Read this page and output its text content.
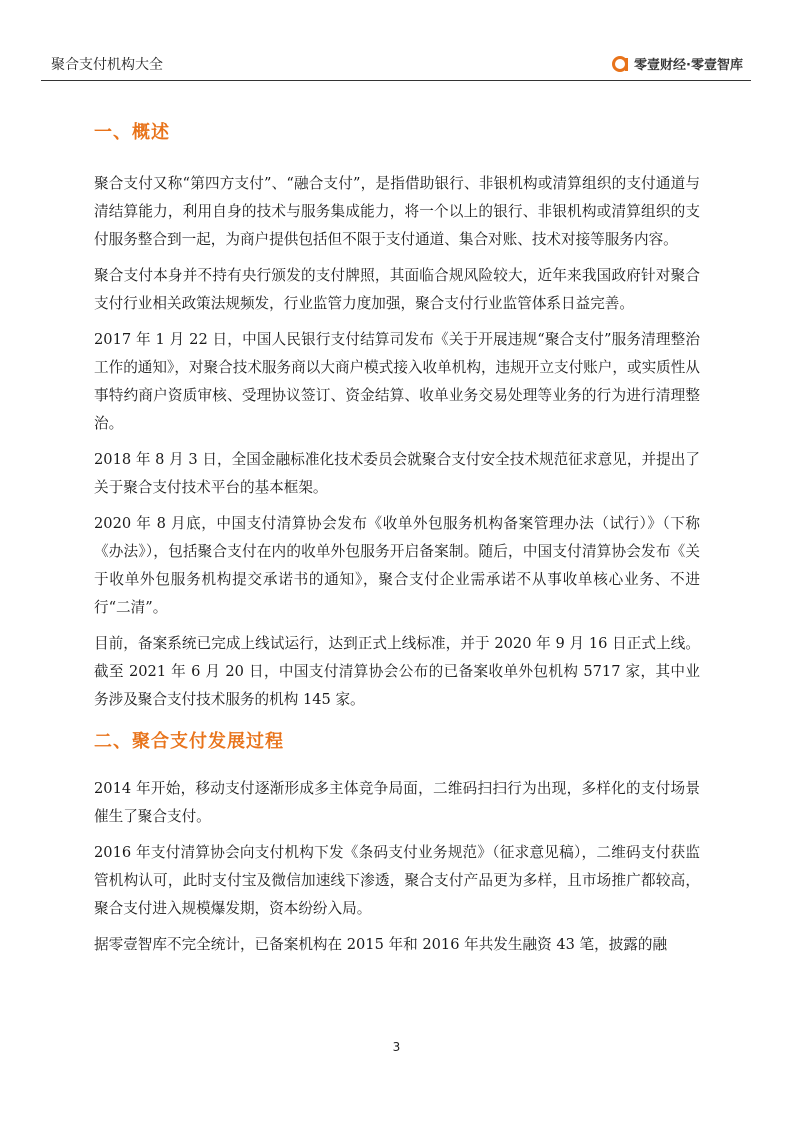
聚合支付机构大全	零壹财经·零壹智库
一、概述

聚合支付又称“第四方支付”、“融合支付”，是指借助银行、非银机构或清算组织的支付通道与清结算能力，利用自身的技术与服务集成能力，将一个以上的银行、非银机构或清算组织的支付服务整合到一起，为商户提供包括但不限于支付通道、集合对账、技术对接等服务内容。

聚合支付本身并不持有央行颁发的支付牌照，其面临合规风险较大，近年来我国政府针对聚合支付行业相关政策法规频发，行业监管力度加强，聚合支付行业监管体系日益完善。

2017 年 1 月 22 日，中国人民银行支付结算司发布《关于开展违规“聚合支付”服务清理整治工作的通知》，对聚合技术服务商以大商户模式接入收单机构，违规开立支付账户，或实质性从事特约商户资质审核、受理协议签订、资金结算、收单业务交易处理等业务的行为进行清理整治。

2018 年 8 月 3 日，全国金融标准化技术委员会就聚合支付安全技术规范征求意见，并提出了关于聚合支付技术平台的基本框架。

2020 年 8 月底，中国支付清算协会发布《收单外包服务机构备案管理办法（试行）》（下称《办法》），包括聚合支付在内的收单外包服务开启备案制。随后，中国支付清算协会发布《关于收单外包服务机构提交承诺书的通知》，聚合支付企业需承诺不从事收单核心业务、不进行“二清”。

目前，备案系统已完成上线试运行，达到正式上线标准，并于 2020 年 9 月 16 日正式上线。截至 2021 年 6 月 20 日，中国支付清算协会公布的已备案收单外包机构 5717 家，其中业务涉及聚合支付技术服务的机构 145 家。

二、聚合支付发展过程

2014 年开始，移动支付逐渐形成多主体竞争局面，二维码扫扫行为出现，多样化的支付场景催生了聚合支付。

2016 年支付清算协会向支付机构下发《条码支付业务规范》（征求意见稿），二维码支付获监管机构认可，此时支付宝及微信加速线下渗透，聚合支付产品更为多样，且市场推广都较高，聚合支付进入规模爆发期，资本纷纷入局。

据零壹智库不完全统计，已备案机构在 2015 年和 2016 年共发生融资 43 笔，披露的融

3
